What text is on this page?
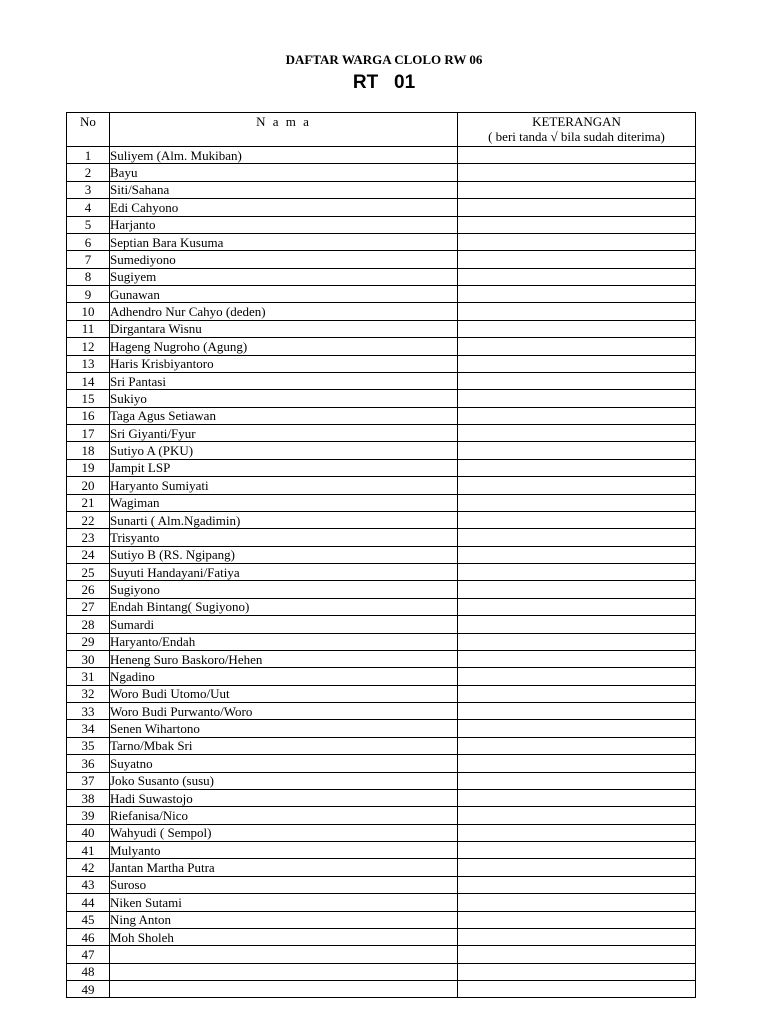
DAFTAR WARGA CLOLO RW 06
RT   01
No	N a m a	KETERANGAN
( beri tanda √ bila sudah diterima)

1	Suliyem (Alm. Mukiban)	
2	Bayu	
3	Siti/Sahana	
4	Edi Cahyono	
5	Harjanto	
6	Septian Bara Kusuma	
7	Sumediyono	
8	Sugiyem	
9	Gunawan	
10	Adhendro Nur Cahyo (deden)	
11	Dirgantara Wisnu	
12	Hageng Nugroho (Agung)	
13	Haris Krisbiyantoro	
14	Sri Pantasi	
15	Sukiyo	
16	Taga Agus Setiawan	
17	Sri Giyanti/Fyur	
18	Sutiyo A (PKU)	
19	Jampit LSP	
20	Haryanto Sumiyati	
21	Wagiman	
22	Sunarti ( Alm.Ngadimin)	
23	Trisyanto	
24	Sutiyo B (RS. Ngipang)	
25	Suyuti Handayani/Fatiya	
26	Sugiyono	
27	Endah Bintang( Sugiyono)	
28	Sumardi	
29	Haryanto/Endah	
30	Heneng Suro Baskoro/Hehen	
31	Ngadino	
32	Woro Budi Utomo/Uut	
33	Woro Budi Purwanto/Woro	
34	Senen Wihartono	
35	Tarno/Mbak Sri	
36	Suyatno	
37	Joko Susanto (susu)	
38	Hadi Suwastojo	
39	Riefanisa/Nico	
40	Wahyudi ( Sempol)	
41	Mulyanto	
42	Jantan Martha Putra	
43	Suroso	
44	Niken Sutami	
45	Ning Anton	
46	Moh Sholeh	
47		
48		
49		
